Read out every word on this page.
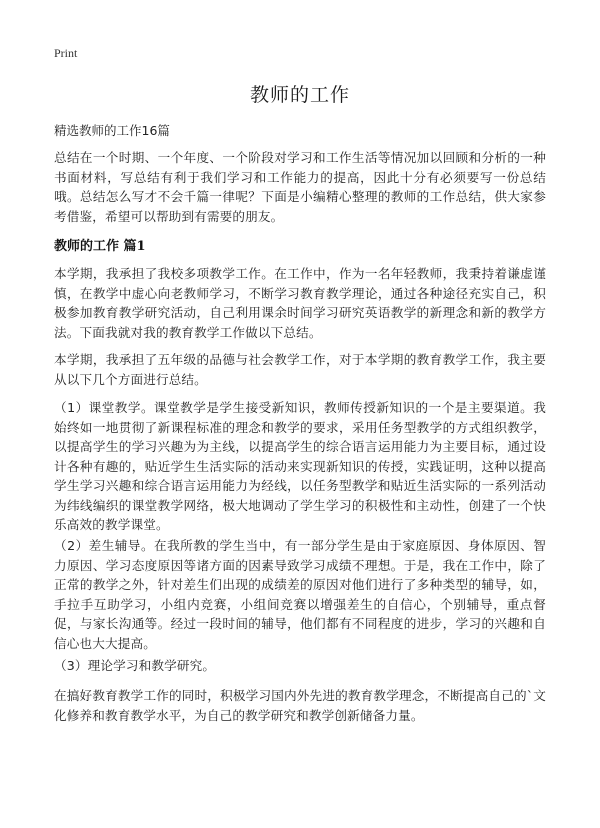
Print
教师的工作

精选教师的工作16篇

总结在一个时期、一个年度、一个阶段对学习和工作生活等情况加以回顾和分析的一种书面材料，写总结有利于我们学习和工作能力的提高，因此十分有必须要写一份总结哦。总结怎么写才不会千篇一律呢？下面是小编精心整理的教师的工作总结，供大家参考借鉴，希望可以帮助到有需要的朋友。

教师的工作 篇1

本学期，我承担了我校多项教学工作。在工作中，作为一名年轻教师，我秉持着谦虚谨慎，在教学中虚心向老教师学习，不断学习教育教学理论，通过各种途径充实自己，积极参加教育教学研究活动，自己利用课余时间学习研究英语教学的新理念和新的教学方法。下面我就对我的教育教学工作做以下总结。

本学期，我承担了五年级的品德与社会教学工作，对于本学期的教育教学工作，我主要从以下几个方面进行总结。

（1）课堂教学。课堂教学是学生接受新知识，教师传授新知识的一个是主要渠道。我始终如一地贯彻了新课程标准的理念和教学的要求，采用任务型教学的方式组织教学，以提高学生的学习兴趣为为主线，以提高学生的综合语言运用能力为主要目标，通过设计各种有趣的，贴近学生生活实际的活动来实现新知识的传授，实践证明，这种以提高学生学习兴趣和综合语言运用能力为经线，以任务型教学和贴近生活实际的一系列活动为纬线编织的课堂教学网络，极大地调动了学生学习的积极性和主动性，创建了一个快乐高效的教学课堂。

（2）差生辅导。在我所教的学生当中，有一部分学生是由于家庭原因、身体原因、智力原因、学习态度原因等诸方面的因素导致学习成绩不理想。于是，我在工作中，除了正常的教学之外，针对差生们出现的成绩差的原因对他们进行了多种类型的辅导，如，手拉手互助学习，小组内竞赛，小组间竞赛以增强差生的自信心，个别辅导，重点督促，与家长沟通等。经过一段时间的辅导，他们都有不同程度的进步，学习的兴趣和自信心也大大提高。

（3）理论学习和教学研究。

在搞好教育教学工作的同时，积极学习国内外先进的教育教学理念，不断提高自己的`文化修养和教育教学水平，为自己的教学研究和教学创新储备力量。
